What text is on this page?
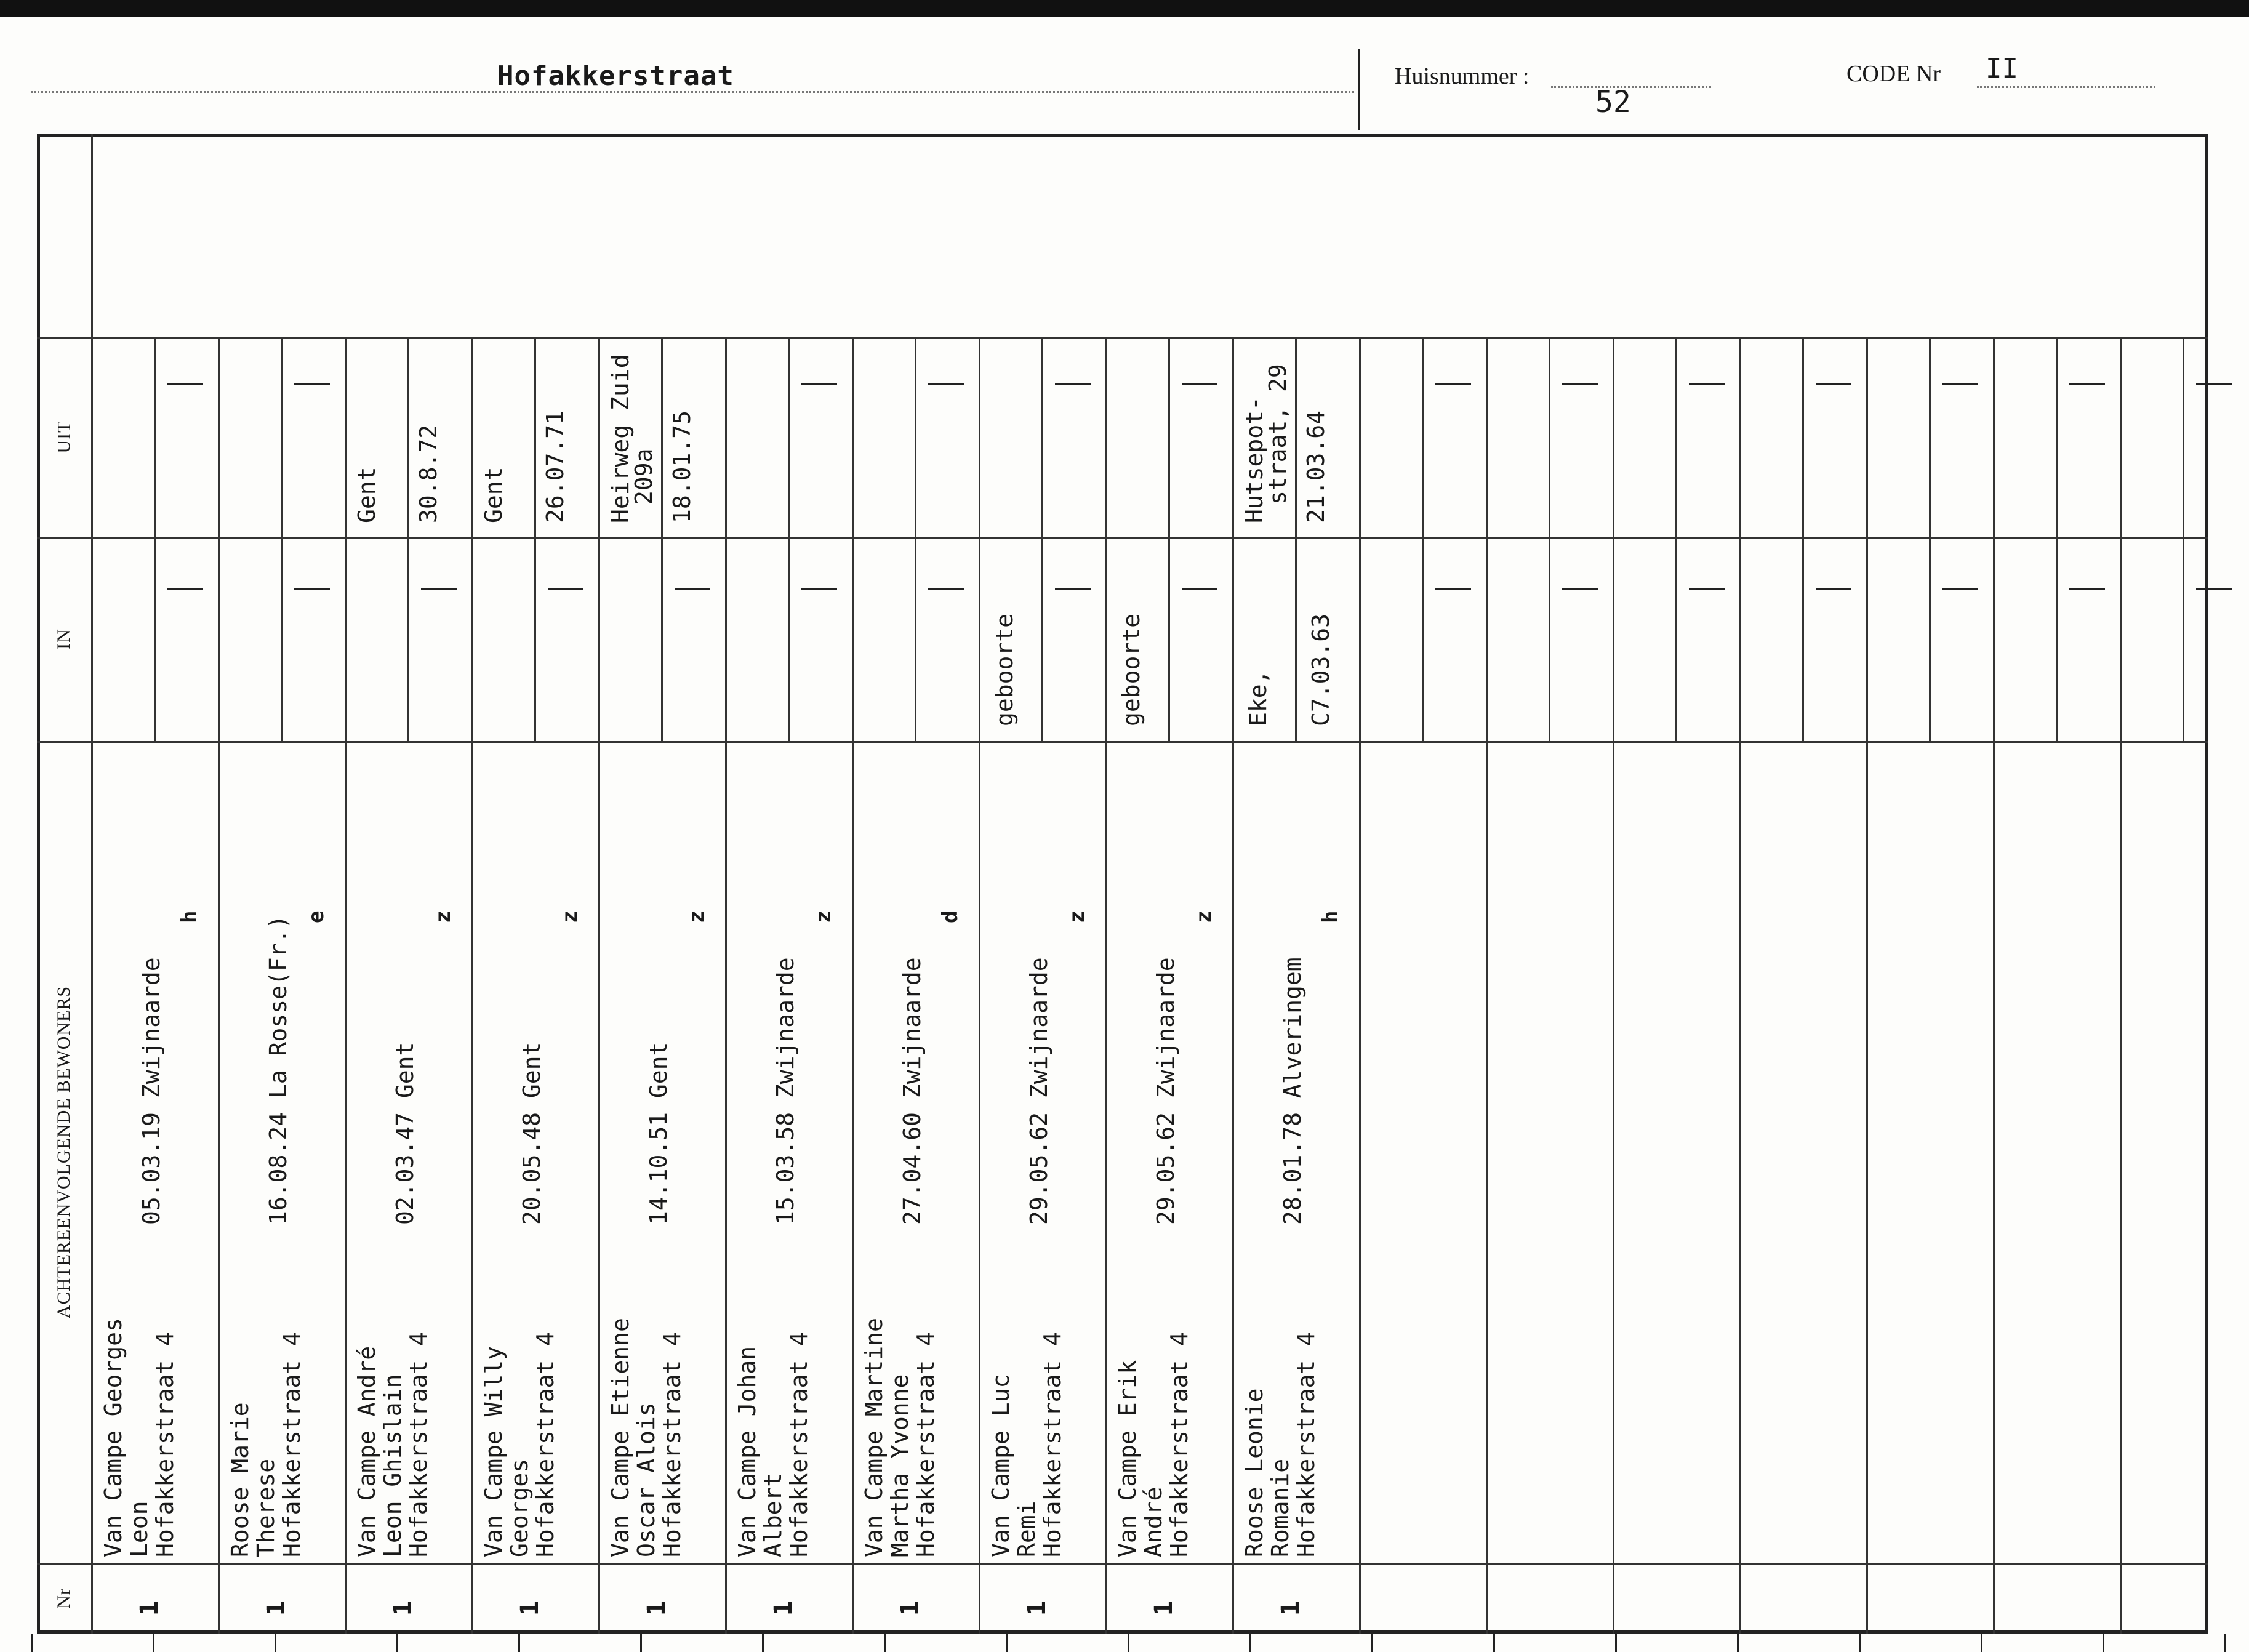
Hofakkerstraat	Huisnummer :
52
CODE Nr II
UIT
IN
ACHTEREENVOLGENDE BEWONERS
Nr
Van Campe Georges
Leon
Hofakkerstraat 4
05.03.19 Zwijnaarde
h
1
Roose Marie
Therese
Hofakkerstraat 4
16.08.24 La Rosse(Fr.) e
1
Van Campe André
Leon Ghislain
Hofakkerstraat 4
02.03.47 Gent
z
1
Gent 30.8.72
Van Campe Willy
Georges
Hofakkerstraat 4
20.05.48 Gent
z
1
Gent 26.07.71
Van Campe Etienne
Oscar Alois
Hofakkerstraat 4
14.10.51 Gent
z
1
Heirweg Zuid
209a 18.01.75
Van Campe Johan
Albert
Hofakkerstraat 4
15.03.58 Zwijnaarde
z
1
Van Campe Martine
Martha Yvonne
Hofakkerstraat 4
27.04.60 Zwijnaarde
d
1
Van Campe Luc
Remi
Hofakkerstraat 4
29.05.62 Zwijnaarde
z
1
geboorte
Van Campe Erik
André
Hofakkerstraat 4
29.05.62 Zwijnaarde
z
1
geboorte
Roose Leonie
Romanie
Hofakkerstraat 4
28.01.78 Alveringem
h
1
Eke, C7.03.63
Hutsepot-
straat, 29 21.03.64
